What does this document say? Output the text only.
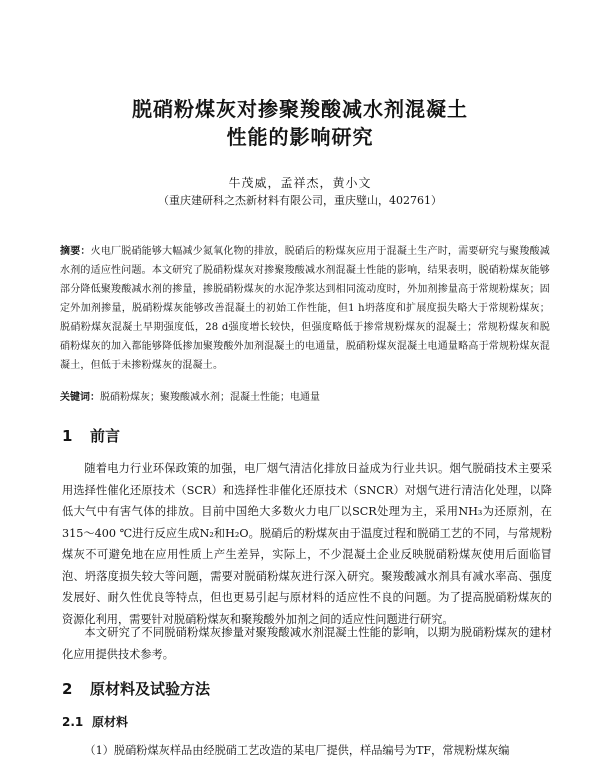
脱硝粉煤灰对掺聚羧酸减水剂混凝土
性能的影响研究
牛茂威，孟祥杰，黄小文
（重庆建研科之杰新材料有限公司，重庆璧山，402761）
摘要：火电厂脱硝能够大幅减少氮氧化物的排放，脱硝后的粉煤灰应用于混凝土生产时，需要研究与聚羧酸减水剂的适应性问题。本文研究了脱硝粉煤灰对掺聚羧酸减水剂混凝土性能的影响，结果表明，脱硝粉煤灰能够部分降低聚羧酸减水剂的掺量，掺脱硝粉煤灰的水泥净浆达到相同流动度时，外加剂掺量高于常规粉煤灰；固定外加剂掺量，脱硝粉煤灰能够改善混凝土的初始工作性能，但1 h坍落度和扩展度损失略大于常规粉煤灰；脱硝粉煤灰混凝土早期强度低，28 d强度增长较快，但强度略低于掺常规粉煤灰的混凝土；常规粉煤灰和脱硝粉煤灰的加入都能够降低掺加聚羧酸外加剂混凝土的电通量，脱硝粉煤灰混凝土电通量略高于常规粉煤灰混凝土，但低于未掺粉煤灰的混凝土。
关键词：脱硝粉煤灰；聚羧酸减水剂；混凝土性能；电通量
1 前言
随着电力行业环保政策的加强，电厂烟气清洁化排放日益成为行业共识。烟气脱硝技术主要采用选择性催化还原技术（SCR）和选择性非催化还原技术（SNCR）对烟气进行清洁化处理，以降低大气中有害气体的排放。目前中国绝大多数火力电厂以SCR处理为主，采用NH₃为还原剂，在315～400 ℃进行反应生成N₂和H₂O。脱硝后的粉煤灰由于温度过程和脱硝工艺的不同，与常规粉煤灰不可避免地在应用性质上产生差异，实际上，不少混凝土企业反映脱硝粉煤灰使用后面临冒泡、坍落度损失较大等问题，需要对脱硝粉煤灰进行深入研究。聚羧酸减水剂具有减水率高、强度发展好、耐久性优良等特点，但也更易引起与原材料的适应性不良的问题。为了提高脱硝粉煤灰的资源化利用，需要针对脱硝粉煤灰和聚羧酸外加剂之间的适应性问题进行研究。
本文研究了不同脱硝粉煤灰掺量对聚羧酸减水剂混凝土性能的影响，以期为脱硝粉煤灰的建材化应用提供技术参考。
2 原材料及试验方法
2.1 原材料
（1）脱硝粉煤灰样品由经脱硝工艺改造的某电厂提供，样品编号为TF，常规粉煤灰编
